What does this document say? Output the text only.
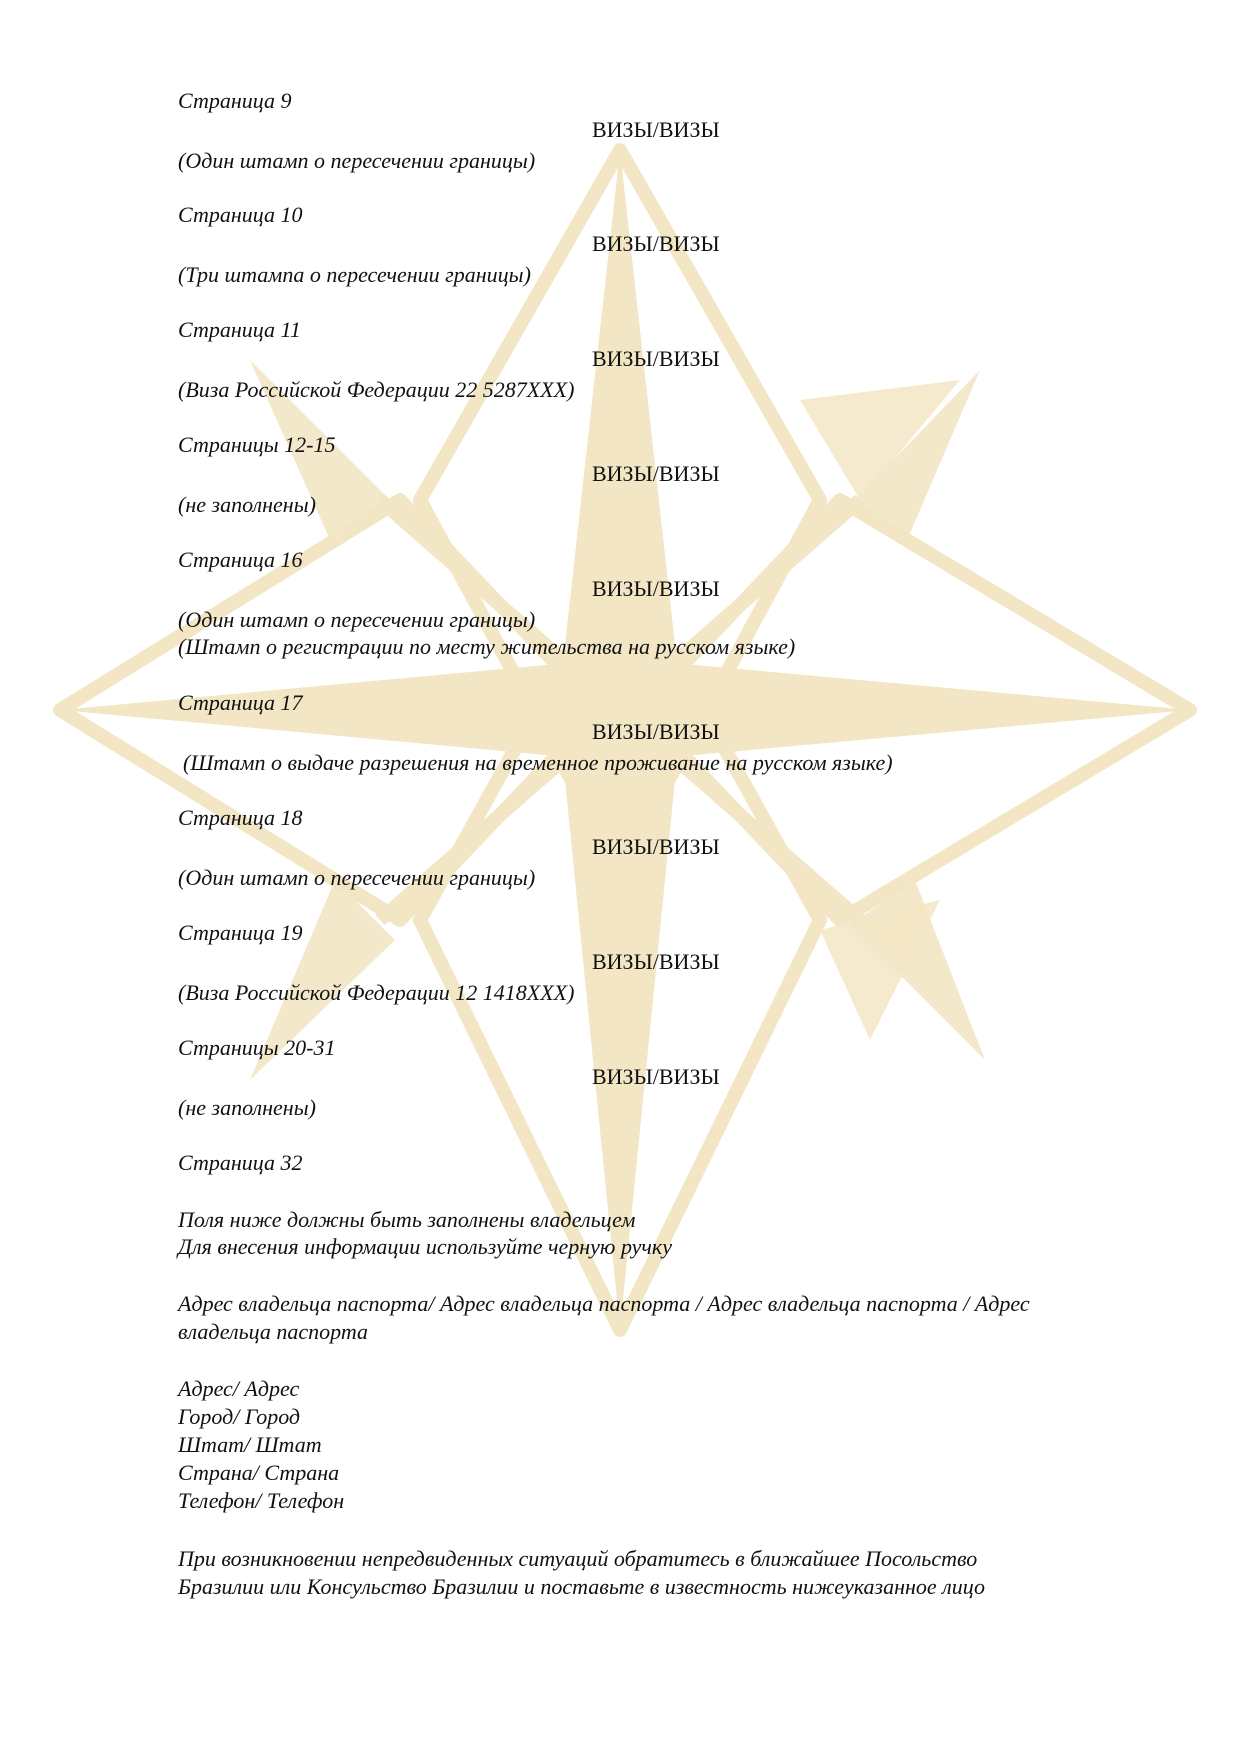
Страница 9
ВИЗЫ/ВИЗЫ
(Один штамп о пересечении границы)
Страница 10
ВИЗЫ/ВИЗЫ
(Три штампа о пересечении границы)
Страница 11
ВИЗЫ/ВИЗЫ
(Виза Российской Федерации 22 5287XXX)
Страницы 12-15
ВИЗЫ/ВИЗЫ
(не заполнены)
Страница 16
ВИЗЫ/ВИЗЫ
(Один штамп о пересечении границы)
(Штамп о регистрации по месту жительства на русском языке)
Страница 17
ВИЗЫ/ВИЗЫ
(Штамп о выдаче разрешения на временное проживание на русском языке)
Страница 18
ВИЗЫ/ВИЗЫ
(Один штамп о пересечении границы)
Страница 19
ВИЗЫ/ВИЗЫ
(Виза Российской Федерации 12 1418XXX)
Страницы 20-31
ВИЗЫ/ВИЗЫ
(не заполнены)
Страница 32
Поля ниже должны быть заполнены владельцем
Для внесения информации используйте черную ручку
Адрес владельца паспорта/ Адрес владельца паспорта / Адрес владельца паспорта / Адрес
владельца паспорта
Адрес/ Адрес
Город/ Город
Штат/ Штат
Страна/ Страна
Телефон/ Телефон
При возникновении непредвиденных ситуаций обратитесь в ближайшее Посольство
Бразилии или Консульство Бразилии и поставьте в известность нижеуказанное лицо
